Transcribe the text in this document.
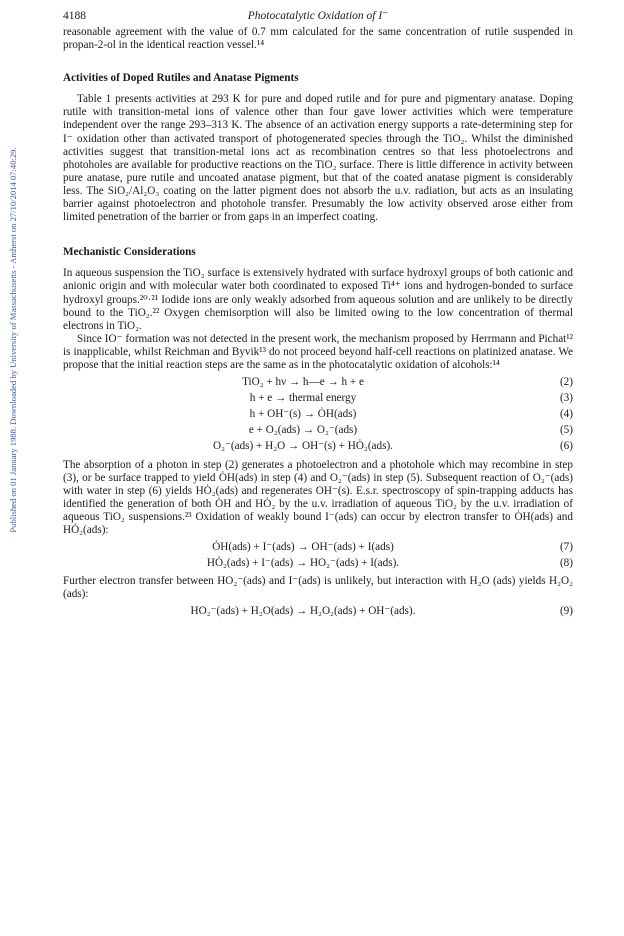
Published on 01 January 1988. Downloaded by University of Massachusetts - Amherst on 27/10/2014 07:40:29.
4188	Photocatalytic Oxidation of I⁻

reasonable agreement with the value of 0.7 mm calculated for the same concentration of rutile suspended in propan-2-ol in the identical reaction vessel.¹⁴

Activities of Doped Rutiles and Anatase Pigments

Table 1 presents activities at 293 K for pure and doped rutile and for pure and pigmentary anatase. Doping rutile with transition-metal ions of valence other than four gave lower activities which were temperature independent over the range 293–313 K. The absence of an activation energy supports a rate-determining step for I⁻ oxidation other than activated transport of photogenerated species through the TiO₂. Whilst the diminished activities suggest that transition-metal ions act as recombination centres so that less photoelectrons and photoholes are available for productive reactions on the TiO₂ surface. There is little difference in activity between pure anatase, pure rutile and uncoated anatase pigment, but that of the coated anatase pigment is considerably less. The SiO₂/Al₂O₃ coating on the latter pigment does not absorb the u.v. radiation, but acts as an insulating barrier against photoelectron and photohole transfer. Presumably the low activity observed arose either from limited penetration of the barrier or from gaps in an imperfect coating.

Mechanistic Considerations

In aqueous suspension the TiO₂ surface is extensively hydrated with surface hydroxyl groups of both cationic and anionic origin and with molecular water both coordinated to exposed Ti⁴⁺ ions and hydrogen-bonded to surface hydroxyl groups.²⁰·²¹ Iodide ions are only weakly adsorbed from aqueous solution and are unlikely to be directly bound to the TiO₂.²² Oxygen chemisorption will also be limited owing to the low concentration of thermal electrons in TiO₂.

Since IO⁻ formation was not detected in the present work, the mechanism proposed by Herrmann and Pichat¹² is inapplicable, whilst Reichman and Byvik¹³ do not proceed beyond half-cell reactions on platinized anatase. We propose that the initial reaction steps are the same as in the photocatalytic oxidation of alcohols:¹⁴

TiO₂ + hν → h—e → h + e	(2)
h + e → thermal energy	(3)
h + OH⁻(s) → ȮH(ads)	(4)
e + O₂(ads) → O₂⁻(ads)	(5)
O₂⁻(ads) + H₂O → OH⁻(s) + HȮ₂(ads).	(6)

The absorption of a photon in step (2) generates a photoelectron and a photohole which may recombine in step (3), or be surface trapped to yield ȮH(ads) in step (4) and O₂⁻(ads) in step (5). Subsequent reaction of O₂⁻(ads) with water in step (6) yields HȮ₂(ads) and regenerates OH⁻(s). E.s.r. spectroscopy of spin-trapping adducts has identified the generation of both ȮH and HȮ₂ by the u.v. irradiation of aqueous TiO₂ by the u.v. irradiation of aqueous TiO₂ suspensions.²³ Oxidation of weakly bound I⁻(ads) can occur by electron transfer to ȮH(ads) and HȮ₂(ads):

ȮH(ads) + I⁻(ads) → OH⁻(ads) + I(ads)	(7)
HȮ₂(ads) + I⁻(ads) → HO₂⁻(ads) + I(ads).	(8)

Further electron transfer between HO₂⁻(ads) and I⁻(ads) is unlikely, but interaction with H₂O (ads) yields H₂O₂ (ads):

HO₂⁻(ads) + H₂O(ads) → H₂O₂(ads) + OH⁻(ads).	(9)
